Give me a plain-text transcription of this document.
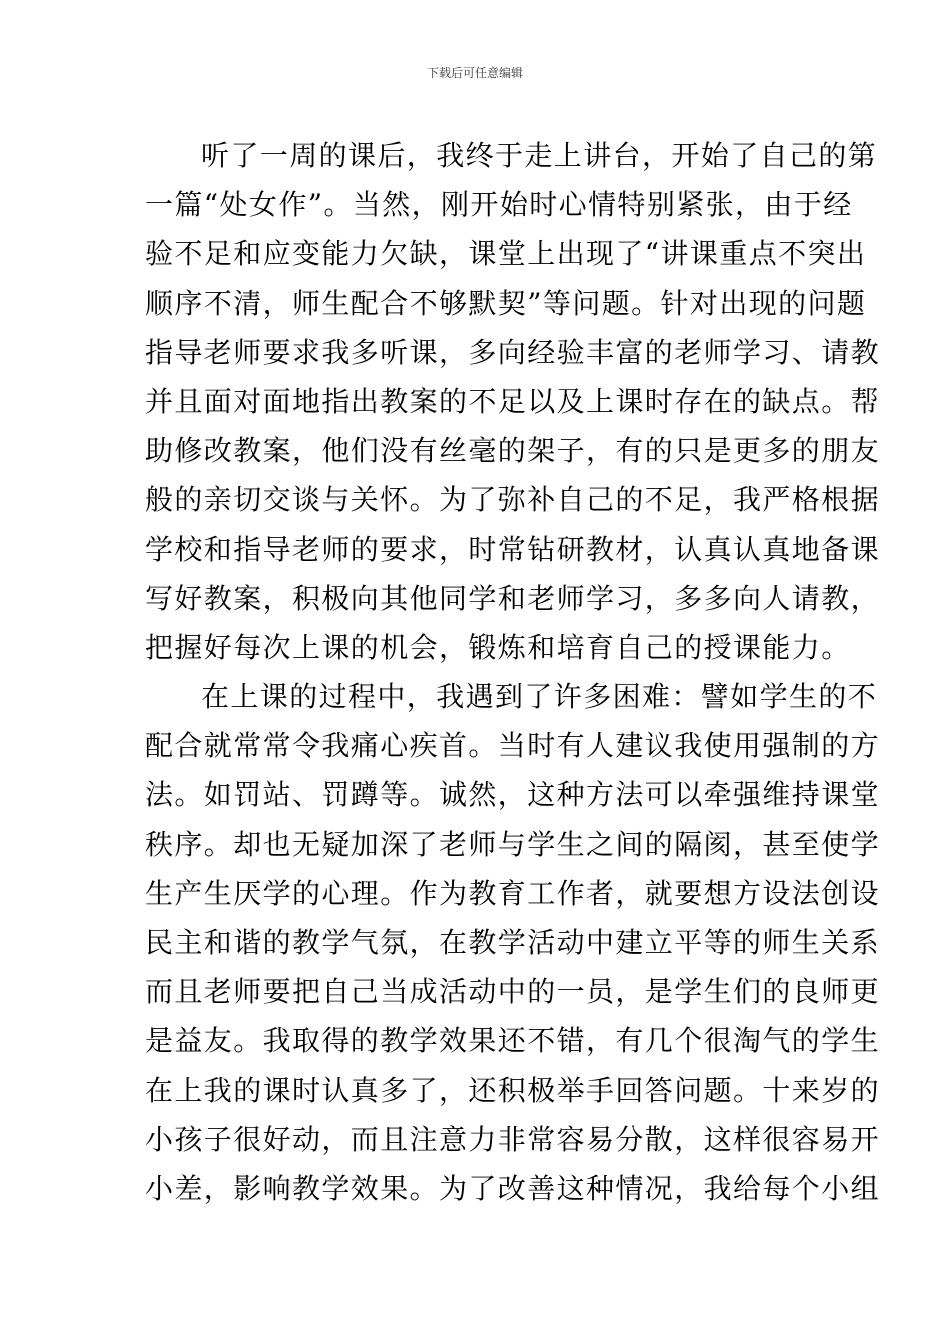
下载后可任意编辑
听了一周的课后，我终于走上讲台，开始了自己的第
一篇“处女作”。当然，刚开始时心情特别紧张，由于经
验不足和应变能力欠缺，课堂上出现了“讲课重点不突出
顺序不清，师生配合不够默契”等问题。针对出现的问题
指导老师要求我多听课，多向经验丰富的老师学习、请教
并且面对面地指出教案的不足以及上课时存在的缺点。帮
助修改教案，他们没有丝毫的架子，有的只是更多的朋友
般的亲切交谈与关怀。为了弥补自己的不足，我严格根据
学校和指导老师的要求，时常钻研教材，认真认真地备课
写好教案，积极向其他同学和老师学习，多多向人请教，
把握好每次上课的机会，锻炼和培育自己的授课能力。
在上课的过程中，我遇到了许多困难：譬如学生的不
配合就常常令我痛心疾首。当时有人建议我使用强制的方
法。如罚站、罚蹲等。诚然，这种方法可以牵强维持课堂
秩序。却也无疑加深了老师与学生之间的隔阂，甚至使学
生产生厌学的心理。作为教育工作者，就要想方设法创设
民主和谐的教学气氛，在教学活动中建立平等的师生关系
而且老师要把自己当成活动中的一员，是学生们的良师更
是益友。我取得的教学效果还不错，有几个很淘气的学生
在上我的课时认真多了，还积极举手回答问题。十来岁的
小孩子很好动，而且注意力非常容易分散，这样很容易开
小差，影响教学效果。为了改善这种情况，我给每个小组
